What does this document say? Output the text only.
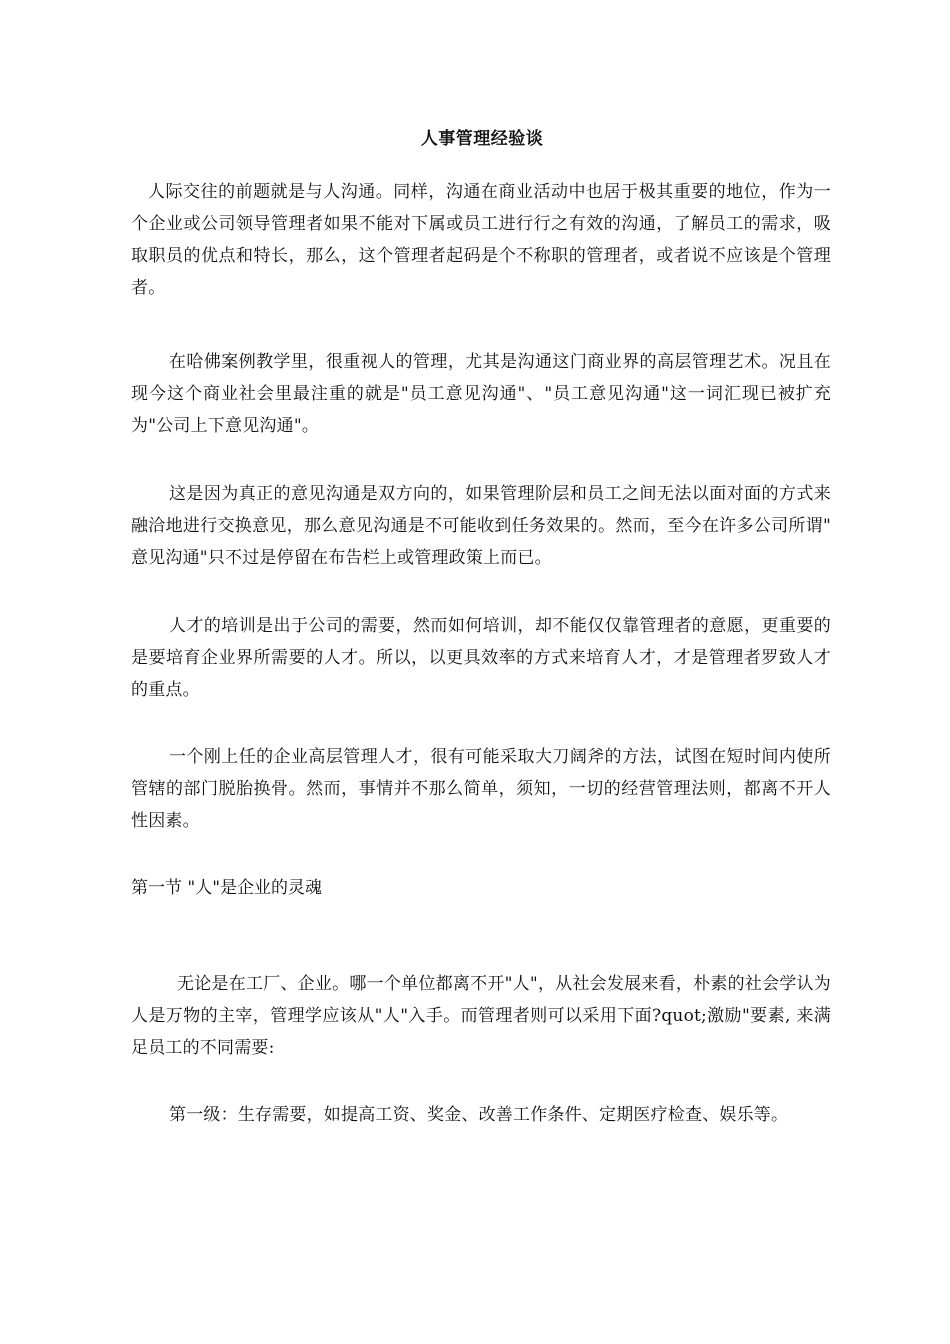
人事管理经验谈
人际交往的前题就是与人沟通。同样，沟通在商业活动中也居于极其重要的地位，作为一个企业或公司领导管理者如果不能对下属或员工进行行之有效的沟通，了解员工的需求，吸取职员的优点和特长，那么，这个管理者起码是个不称职的管理者，或者说不应该是个管理者。
在哈佛案例教学里，很重视人的管理，尤其是沟通这门商业界的高层管理艺术。况且在现今这个商业社会里最注重的就是"员工意见沟通"、"员工意见沟通"这一词汇现已被扩充为"公司上下意见沟通"。
这是因为真正的意见沟通是双方向的，如果管理阶层和员工之间无法以面对面的方式来融洽地进行交换意见，那么意见沟通是不可能收到任务效果的。然而，至今在许多公司所谓" 意见沟通"只不过是停留在布告栏上或管理政策上而已。
人才的培训是出于公司的需要，然而如何培训，却不能仅仅靠管理者的意愿，更重要的是要培育企业界所需要的人才。所以，以更具效率的方式来培育人才，才是管理者罗致人才的重点。
一个刚上任的企业高层管理人才，很有可能采取大刀阔斧的方法，试图在短时间内使所管辖的部门脱胎换骨。然而，事情并不那么简单，须知，一切的经营管理法则，都离不开人性因素。
第一节 "人"是企业的灵魂
无论是在工厂、企业。哪一个单位都离不开"人"，从社会发展来看，朴素的社会学认为人是万物的主宰，管理学应该从"人"入手。而管理者则可以采用下面?quot;激励"要素, 来满足员工的不同需要:
第一级：生存需要，如提高工资、奖金、改善工作条件、定期医疗检查、娱乐等。
